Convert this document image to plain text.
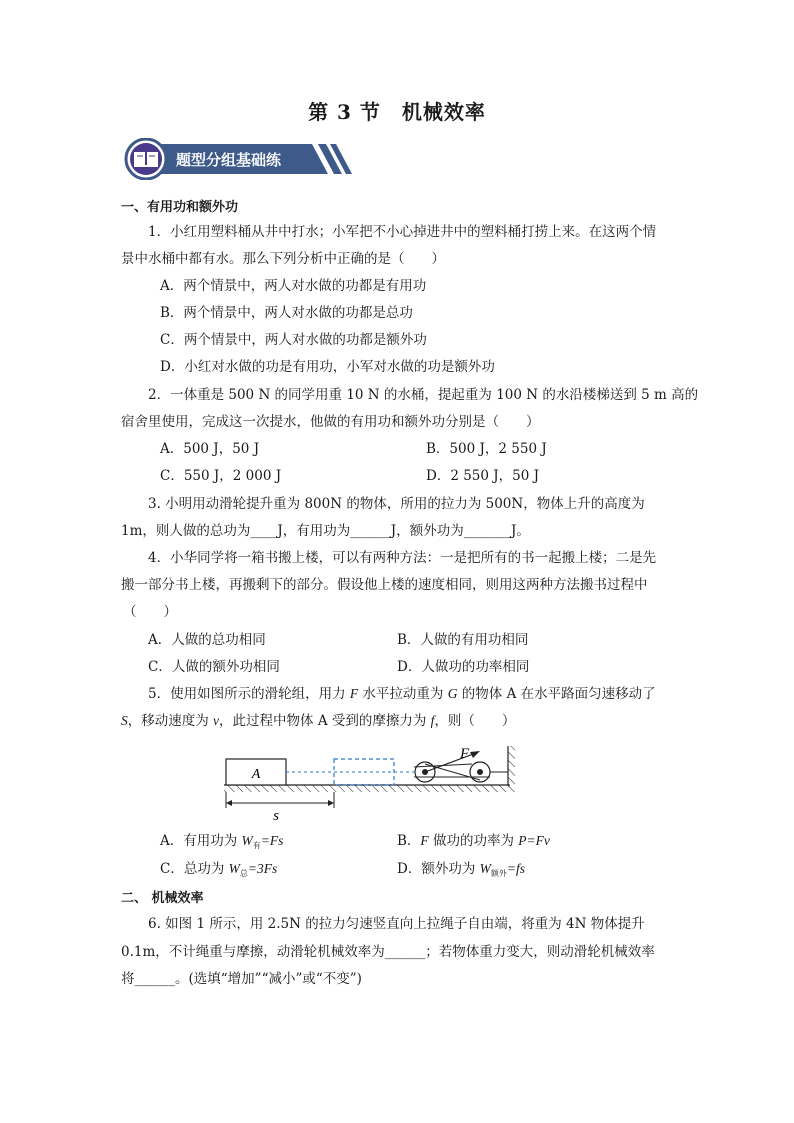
第 3 节　机械效率
题型分组基础练
一、有用功和额外功
1．小红用塑料桶从井中打水；小军把不小心掉进井中的塑料桶打捞上来。在这两个情
景中水桶中都有水。那么下列分析中正确的是（　　）
A．两个情景中，两人对水做的功都是有用功
B．两个情景中，两人对水做的功都是总功
C．两个情景中，两人对水做的功都是额外功
D．小红对水做的功是有用功，小军对水做的功是额外功
2．一体重是 500 N 的同学用重 10 N 的水桶，提起重为 100 N 的水沿楼梯送到 5 m 高的
宿舍里使用，完成这一次提水，他做的有用功和额外功分别是（　　）
A．500 J，50 J	B．500 J，2 550 J
C．550 J，2 000 J	D．2 550 J，50 J
3. 小明用动滑轮提升重为 800N 的物体，所用的拉力为 500N，物体上升的高度为
1m，则人做的总功为____J，有用功为______J，额外功为_______J。
4．小华同学将一箱书搬上楼，可以有两种方法：一是把所有的书一起搬上楼；二是先
搬一部分书上楼，再搬剩下的部分。假设他上楼的速度相同，则用这两种方法搬书过程中
（　　）
A．人做的总功相同	B．人做的有用功相同
C．人做的额外功相同	D．人做功的功率相同
5．使用如图所示的滑轮组，用力 F 水平拉动重为 G 的物体 A 在水平路面匀速移动了
S，移动速度为 v，此过程中物体 A 受到的摩擦力为 f，则（　　）
A
F
s
A．有用功为 $W_有=Fs$	B．F 做功的功率为 P=Fv
C．总功为 $W_总=3Fs$	D．额外功为 $W_{额外}=fs$
二、 机械效率
6. 如图 1 所示，用 2.5N 的拉力匀速竖直向上拉绳子自由端，将重为 4N 物体提升
0.1m，不计绳重与摩擦，动滑轮机械效率为______；若物体重力变大，则动滑轮机械效率
将______。(选填“增加”“减小”或“不变”)
